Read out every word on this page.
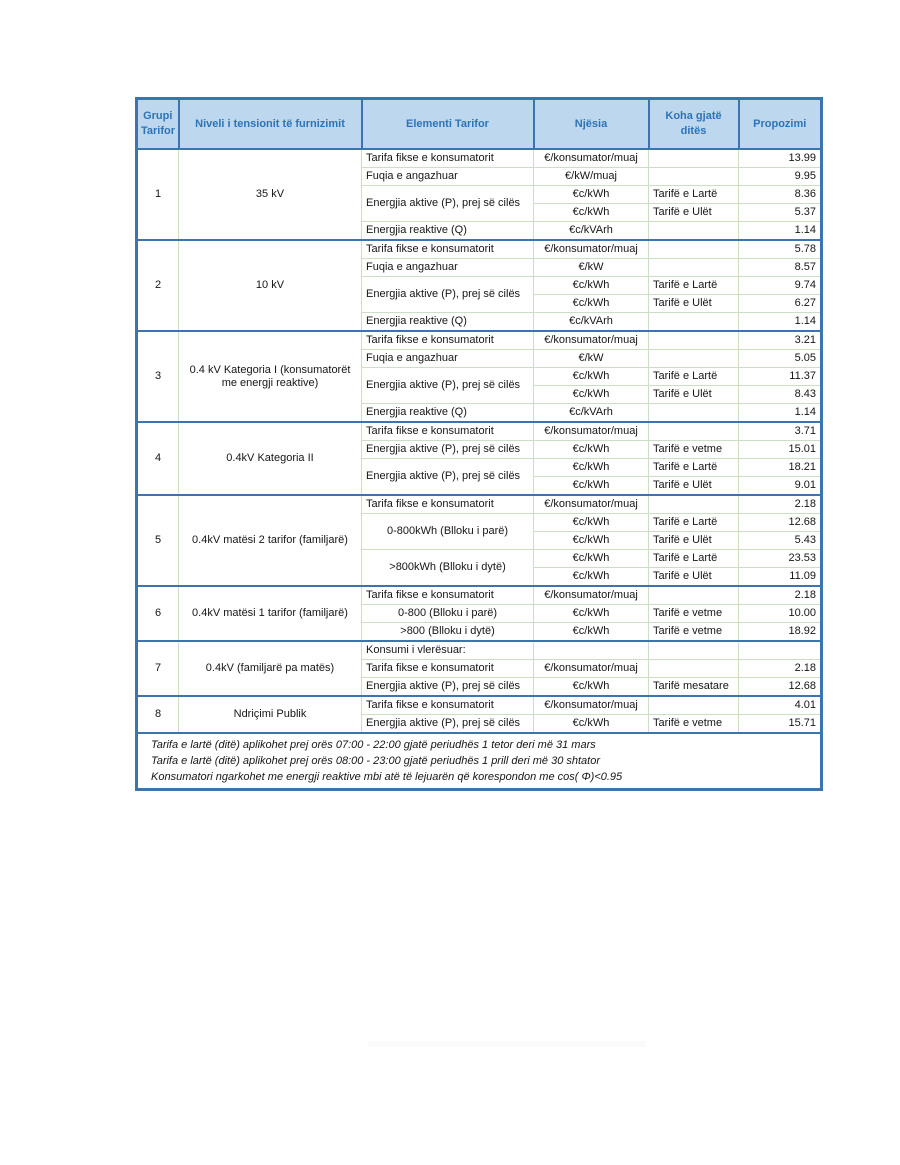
Grupi Tarifor	Niveli i tensionit të furnizimit	Elementi Tarifor	Njësia	Koha gjatë ditës	Propozimi
1	35 kV	Tarifa fikse e konsumatorit	€/konsumator/muaj		13.99
		Fuqia e angazhuar	€/kW/muaj		9.95
		Energjia aktive (P), prej së cilës	€c/kWh	Tarifë e Lartë	8.36
			€c/kWh	Tarifë e Ulët	5.37
		Energjia reaktive (Q)	€c/kVArh		1.14
2	10 kV	Tarifa fikse e konsumatorit	€/konsumator/muaj		5.78
		Fuqia e angazhuar	€/kW		8.57
		Energjia aktive (P), prej së cilës	€c/kWh	Tarifë e Lartë	9.74
			€c/kWh	Tarifë e Ulët	6.27
		Energjia reaktive (Q)	€c/kVArh		1.14
3	0.4 kV Kategoria I (konsumatorët me energji reaktive)	Tarifa fikse e konsumatorit	€/konsumator/muaj		3.21
		Fuqia e angazhuar	€/kW		5.05
		Energjia aktive (P), prej së cilës	€c/kWh	Tarifë e Lartë	11.37
			€c/kWh	Tarifë e Ulët	8.43
		Energjia reaktive (Q)	€c/kVArh		1.14
4	0.4kV Kategoria II	Tarifa fikse e konsumatorit	€/konsumator/muaj		3.71
		Energjia aktive (P), prej së cilës	€c/kWh	Tarifë e vetme	15.01
		Energjia aktive (P), prej së cilës	€c/kWh	Tarifë e Lartë	18.21
			€c/kWh	Tarifë e Ulët	9.01
5	0.4kV matësi 2 tarifor (familjarë)	Tarifa fikse e konsumatorit	€/konsumator/muaj		2.18
		0-800kWh (Blloku i parë)	€c/kWh	Tarifë e Lartë	12.68
			€c/kWh	Tarifë e Ulët	5.43
		>800kWh (Blloku i dytë)	€c/kWh	Tarifë e Lartë	23.53
			€c/kWh	Tarifë e Ulët	11.09
6	0.4kV matësi 1 tarifor (familjarë)	Tarifa fikse e konsumatorit	€/konsumator/muaj		2.18
		0-800 (Blloku i parë)	€c/kWh	Tarifë e vetme	10.00
		>800 (Blloku i dytë)	€c/kWh	Tarifë e vetme	18.92
7	0.4kV (familjarë pa matës)	Konsumi i vlerësuar:			
		Tarifa fikse e konsumatorit	€/konsumator/muaj		2.18
		Energjia aktive (P), prej së cilës	€c/kWh	Tarifë mesatare	12.68
8	Ndriçimi Publik	Tarifa fikse e konsumatorit	€/konsumator/muaj		4.01
		Energjia aktive (P), prej së cilës	€c/kWh	Tarifë e vetme	15.71
Tarifa e lartë (ditë) aplikohet prej orës 07:00 - 22:00 gjatë periudhës 1 tetor deri më 31 mars					
Tarifa e lartë (ditë) aplikohet prej orës 08:00 - 23:00 gjatë periudhës 1 prill deri më 30 shtator					
Konsumatori ngarkohet me energji reaktive mbi atë të lejuarën që korespondon me cos( Φ)<0.95					
